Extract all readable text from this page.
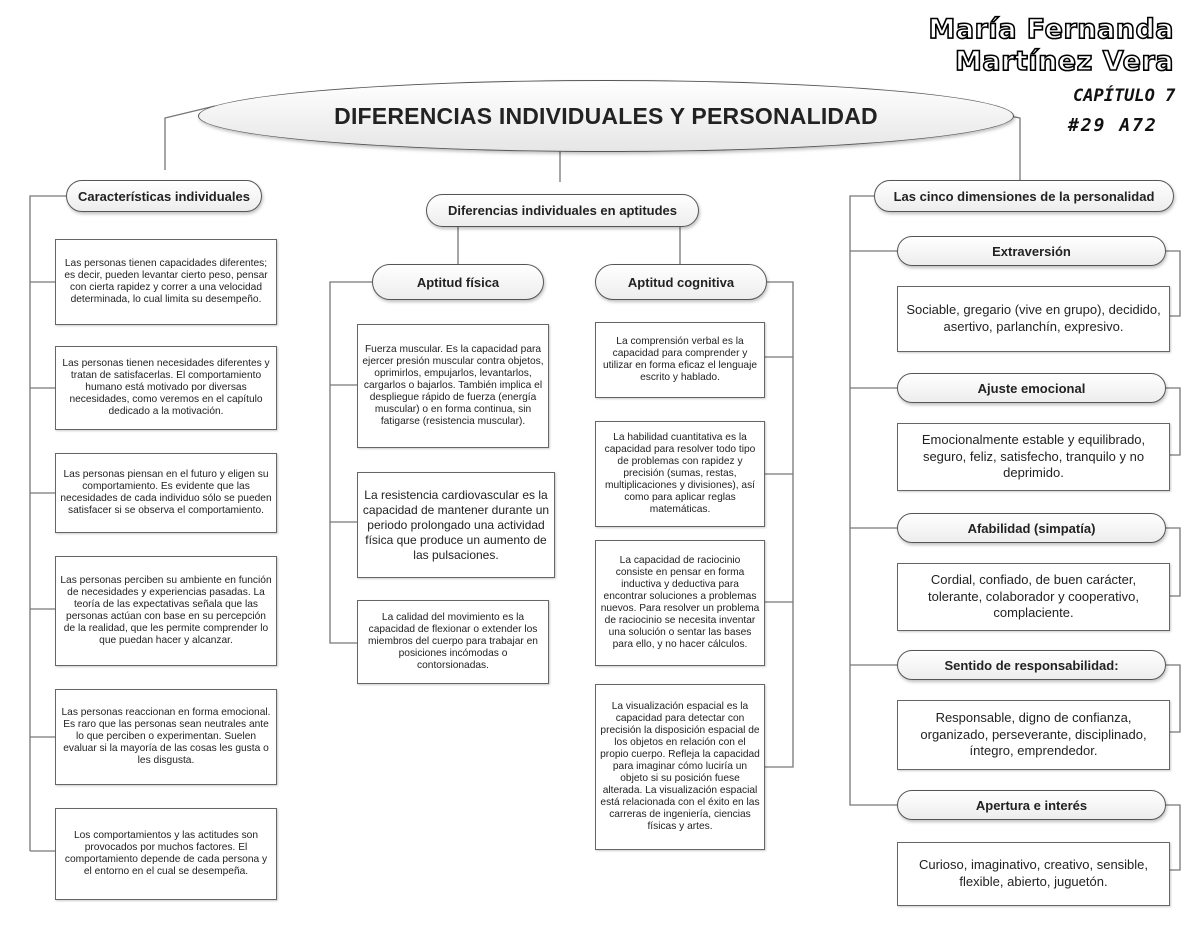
María Fernanda
Martínez Vera
CAPÍTULO 7
#29 A72
DIFERENCIAS INDIVIDUALES Y PERSONALIDAD
Características individuales
Las personas tienen capacidades diferentes; es decir, pueden levantar cierto peso, pensar con cierta rapidez y correr a una velocidad determinada, lo cual limita su desempeño.
Las personas tienen necesidades diferentes y tratan de satisfacerlas. El comportamiento humano está motivado por diversas necesidades, como veremos en el capítulo dedicado a la motivación.
Las personas piensan en el futuro y eligen su comportamiento. Es evidente que las necesidades de cada individuo sólo se pueden satisfacer si se observa el comportamiento.
Las personas perciben su ambiente en función de necesidades y experiencias pasadas. La teoría de las expectativas señala que las personas actúan con base en su percepción de la realidad, que les permite comprender lo que puedan hacer y alcanzar.
Las personas reaccionan en forma emocional. Es raro que las personas sean neutrales ante lo que perciben o experimentan. Suelen evaluar si la mayoría de las cosas les gusta o les disgusta.
Los comportamientos y las actitudes son provocados por muchos factores. El comportamiento depende de cada persona y el entorno en el cual se desempeña.
Diferencias individuales en aptitudes
Aptitud física
Fuerza muscular. Es la capacidad para ejercer presión muscular contra objetos, oprimirlos, empujarlos, levantarlos, cargarlos o bajarlos. También implica el despliegue rápido de fuerza (energía muscular) o en forma continua, sin fatigarse (resistencia muscular).
La resistencia cardiovascular es la capacidad de mantener durante un periodo prolongado una actividad física que produce un aumento de las pulsaciones.
La calidad del movimiento es la capacidad de flexionar o extender los miembros del cuerpo para trabajar en posiciones incómodas o contorsionadas.
Aptitud cognitiva
La comprensión verbal es la capacidad para comprender y utilizar en forma eficaz el lenguaje escrito y hablado.
La habilidad cuantitativa es la capacidad para resolver todo tipo de problemas con rapidez y precisión (sumas, restas, multiplicaciones y divisiones), así como para aplicar reglas matemáticas.
La capacidad de raciocinio consiste en pensar en forma inductiva y deductiva para encontrar soluciones a problemas nuevos. Para resolver un problema de raciocinio se necesita inventar una solución o sentar las bases para ello, y no hacer cálculos.
La visualización espacial es la capacidad para detectar con precisión la disposición espacial de los objetos en relación con el propio cuerpo. Refleja la capacidad para imaginar cómo luciría un objeto si su posición fuese alterada. La visualización espacial está relacionada con el éxito en las carreras de ingeniería, ciencias físicas y artes.
Las cinco dimensiones de la personalidad
Extraversión
Sociable, gregario (vive en grupo), decidido, asertivo, parlanchín, expresivo.
Ajuste emocional
Emocionalmente estable y equilibrado, seguro, feliz, satisfecho, tranquilo y no deprimido.
Afabilidad (simpatía)
Cordial, confiado, de buen carácter, tolerante, colaborador y cooperativo, complaciente.
Sentido de responsabilidad:
Responsable, digno de confianza, organizado, perseverante, disciplinado, íntegro, emprendedor.
Apertura e interés
Curioso, imaginativo, creativo, sensible, flexible, abierto, juguetón.
